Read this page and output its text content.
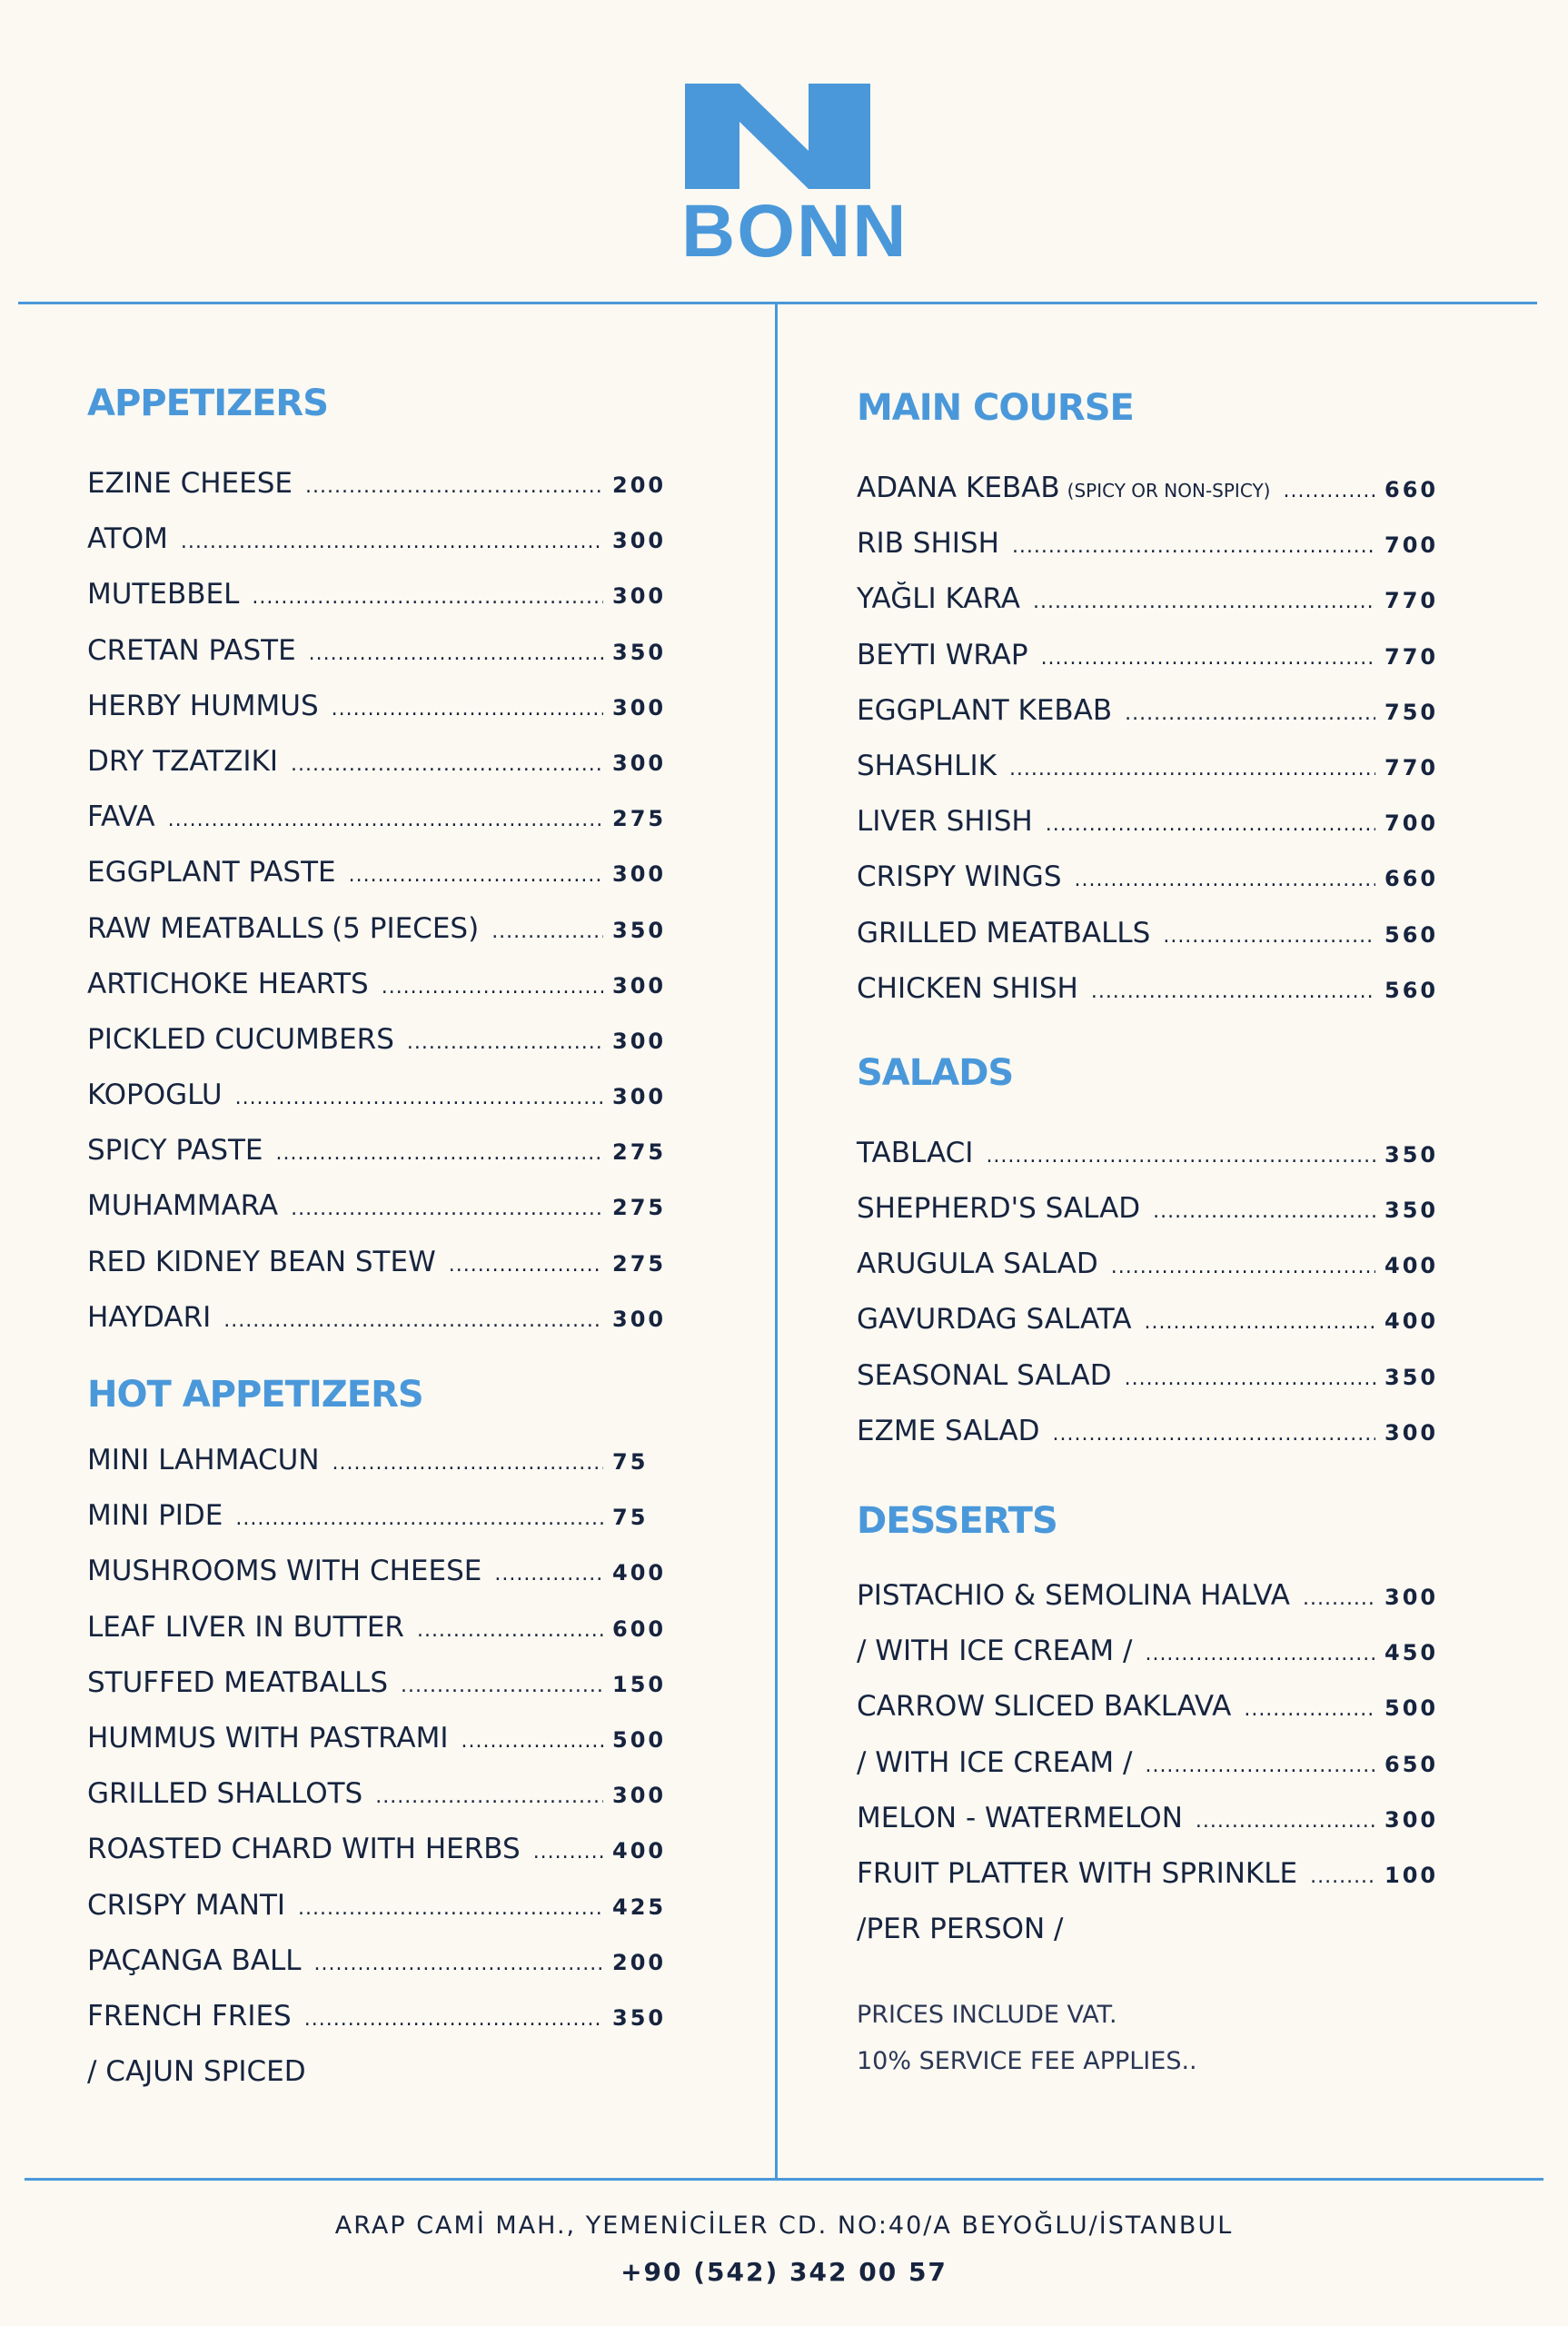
BONN
APPETIZERS
EZINE CHEESE .....	200
ATOM .....	300
MUTEBBEL .....	300
CRETAN PASTE .....	350
HERBY HUMMUS .....	300
DRY TZATZIKI .....	300
FAVA .....	275
EGGPLANT PASTE .....	300
RAW MEATBALLS (5 PIECES) .....	350
ARTICHOKE HEARTS .....	300
PICKLED CUCUMBERS .....	300
KOPOGLU .....	300
SPICY PASTE .....	275
MUHAMMARA .....	275
RED KIDNEY BEAN STEW .....	275
HAYDARI .....	300
HOT APPETIZERS
MINI LAHMACUN .....	75
MINI PIDE .....	75
MUSHROOMS WITH CHEESE .....	400
LEAF LIVER IN BUTTER .....	600
STUFFED MEATBALLS .....	150
HUMMUS WITH PASTRAMI .....	500
GRILLED SHALLOTS .....	300
ROASTED CHARD WITH HERBS .....	400
CRISPY MANTI .....	425
PAÇANGA BALL .....	200
FRENCH FRIES .....	350
/ CAJUN SPICED
MAIN COURSE
ADANA KEBAB (SPICY OR NON-SPICY) .....	660
RIB SHISH .....	700
YAĞLI KARA .....	770
BEYTI WRAP .....	770
EGGPLANT KEBAB .....	750
SHASHLIK .....	770
LIVER SHISH .....	700
CRISPY WINGS .....	660
GRILLED MEATBALLS .....	560
CHICKEN SHISH .....	560
SALADS
TABLACI .....	350
SHEPHERD'S SALAD .....	350
ARUGULA SALAD .....	400
GAVURDAG SALATA .....	400
SEASONAL SALAD .....	350
EZME SALAD .....	300
DESSERTS
PISTACHIO & SEMOLINA HALVA .....	300
/ WITH ICE CREAM / .....	450
CARROW SLICED BAKLAVA .....	500
/ WITH ICE CREAM / .....	650
MELON - WATERMELON .....	300
FRUIT PLATTER WITH SPRINKLE .....	100
/PER PERSON /
PRICES INCLUDE VAT.
10% SERVICE FEE APPLIES..
ARAP CAMİ MAH., YEMENİCİLER CD. NO:40/A BEYOĞLU/İSTANBUL
+90 (542) 342 00 57
